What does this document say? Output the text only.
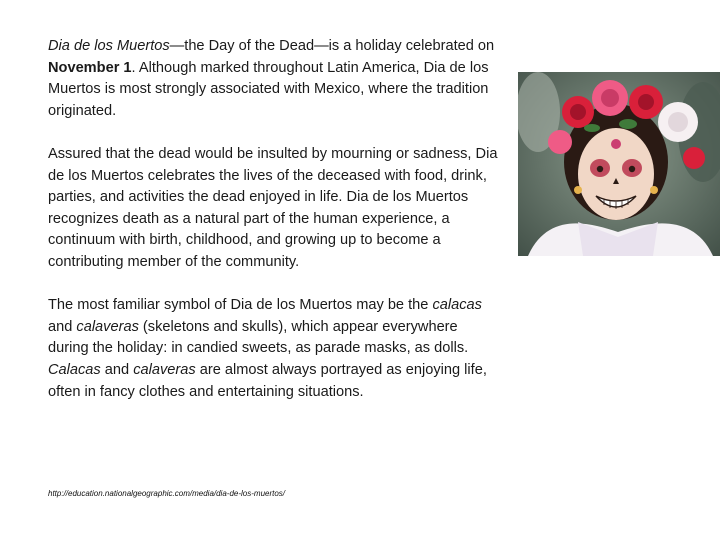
Dia de los Muertos—the Day of the Dead—is a holiday celebrated on November 1. Although marked throughout Latin America, Dia de los Muertos is most strongly associated with Mexico, where the tradition originated.

Assured that the dead would be insulted by mourning or sadness, Dia de los Muertos celebrates the lives of the deceased with food, drink, parties, and activities the dead enjoyed in life. Dia de los Muertos recognizes death as a natural part of the human experience, a continuum with birth, childhood, and growing up to become a contributing member of the community.

The most familiar symbol of Dia de los Muertos may be the calacas and calaveras (skeletons and skulls), which appear everywhere during the holiday: in candied sweets, as parade masks, as dolls. Calacas and calaveras are almost always portrayed as enjoying life, often in fancy clothes and entertaining situations.

http://education.nationalgeographic.com/media/dia-de-los-muertos/
